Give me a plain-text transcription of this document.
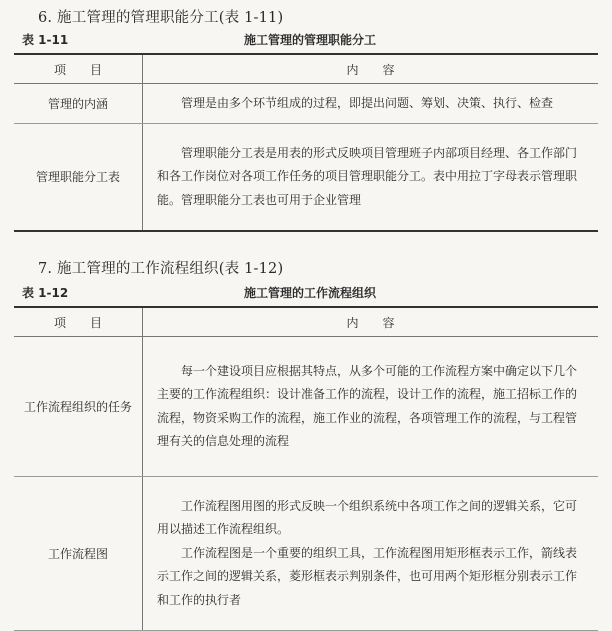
6. 施工管理的管理职能分工(表 1-11)
表 1-11	施工管理的管理职能分工
项　　目	内　　容
管理的内涵	管理是由多个环节组成的过程，即提出问题、筹划、决策、执行、检查

管理职能分工表	管理职能分工表是用表的形式反映项目管理班子内部项目经理、各工作部门和各工作岗位对各项工作任务的项目管理职能分工。表中用拉丁字母表示管理职能。管理职能分工表也可用于企业管理

7. 施工管理的工作流程组织(表 1-12)
表 1-12	施工管理的工作流程组织
项　　目	内　　容
工作流程组织的任务	每一个建设项目应根据其特点，从多个可能的工作流程方案中确定以下几个主要的工作流程组织：设计准备工作的流程，设计工作的流程，施工招标工作的流程，物资采购工作的流程，施工作业的流程，各项管理工作的流程，与工程管理有关的信息处理的流程

工作流程图	工作流程图用图的形式反映一个组织系统中各项工作之间的逻辑关系，它可用以描述工作流程组织。

工作流程图是一个重要的组织工具，工作流程图用矩形框表示工作，箭线表示工作之间的逻辑关系，菱形框表示判别条件，也可用两个矩形框分别表示工作和工作的执行者
